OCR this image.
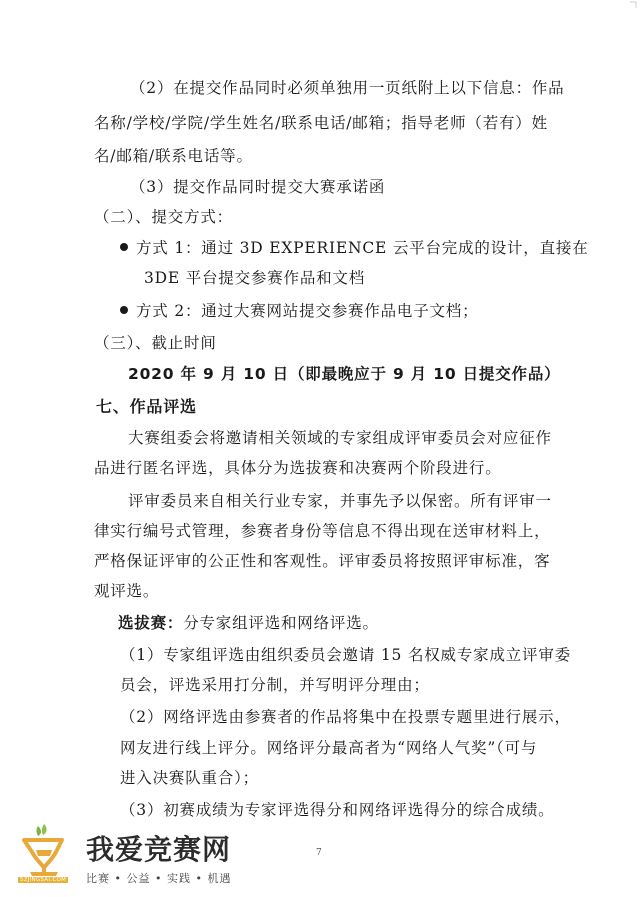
（2）在提交作品同时必须单独用一页纸附上以下信息：作品
名称/学校/学院/学生姓名/联系电话/邮箱；指导老师（若有）姓
名/邮箱/联系电话等。
（3）提交作品同时提交大赛承诺函
（二）、提交方式：
方式 1：通过 3D EXPERIENCE 云平台完成的设计，直接在
3DE 平台提交参赛作品和文档
方式 2：通过大赛网站提交参赛作品电子文档；
（三）、截止时间
2020 年 9 月 10 日（即最晚应于 9 月 10 日提交作品）
七、作品评选
大赛组委会将邀请相关领域的专家组成评审委员会对应征作
品进行匿名评选，具体分为选拔赛和决赛两个阶段进行。
评审委员来自相关行业专家，并事先予以保密。所有评审一
律实行编号式管理，参赛者身份等信息不得出现在送审材料上，
严格保证评审的公正性和客观性。评审委员将按照评审标准，客
观评选。
选拔赛：分专家组评选和网络评选。
（1）专家组评选由组织委员会邀请 15 名权威专家成立评审委
员会，评选采用打分制，并写明评分理由；
（2）网络评选由参赛者的作品将集中在投票专题里进行展示，
网友进行线上评分。网络评分最高者为“网络人气奖”（可与
进入决赛队重合）；
（3）初赛成绩为专家评选得分和网络评选得分的综合成绩。
7
52JINGSAI.COM
我爱竞赛网
比赛 • 公益 • 实践 • 机遇
